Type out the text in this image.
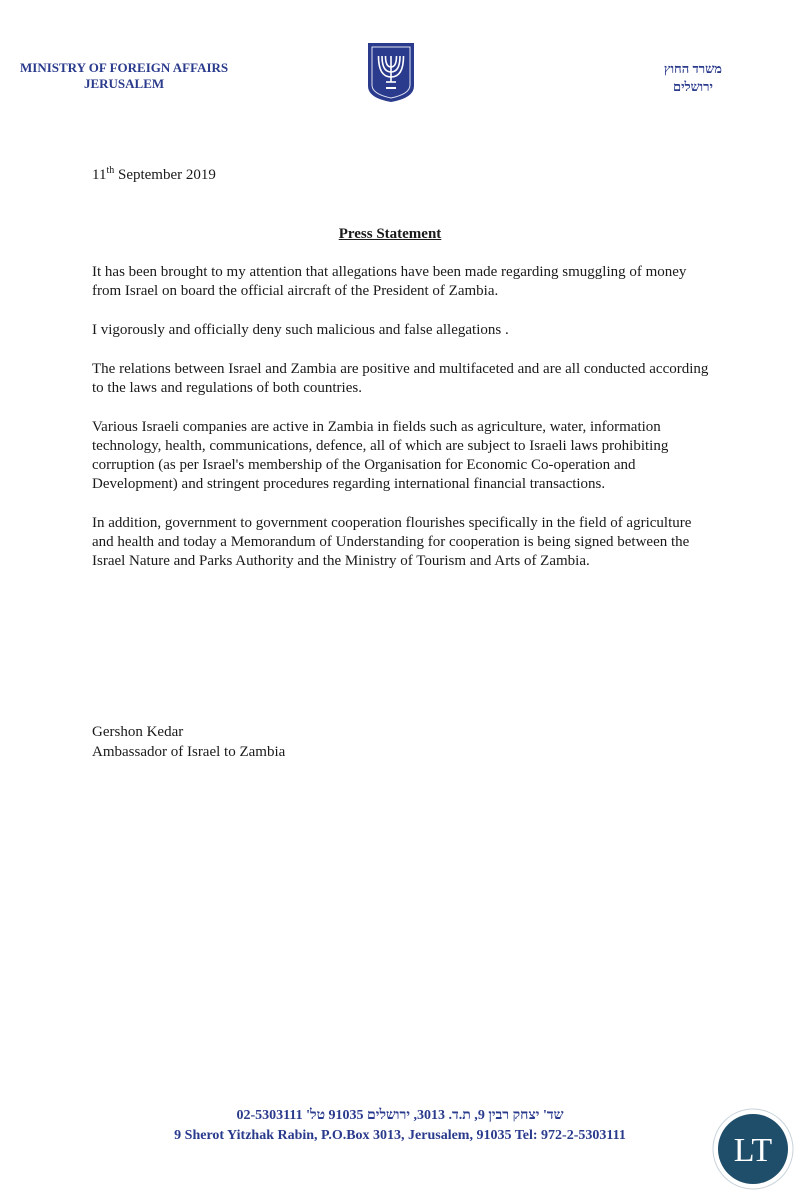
MINISTRY OF FOREIGN AFFAIRS
JERUSALEM
משרד החוץ
ירושלים
11th September 2019
Press Statement

It has been brought to my attention that allegations have been made regarding smuggling of money from Israel on board the official aircraft of the President of Zambia.

I vigorously and officially deny such malicious and false allegations .

The relations between Israel and Zambia are positive and multifaceted and are all conducted according to the laws and regulations of both countries.

Various Israeli companies are active in Zambia in fields such as agriculture, water, information technology, health, communications, defence, all of which are subject to Israeli laws prohibiting corruption (as per Israel's membership of the Organisation for Economic Co-operation and Development) and stringent procedures regarding international financial transactions.

In addition, government to government cooperation flourishes specifically in the field of agriculture and health and today a Memorandum of Understanding for cooperation is being signed between the Israel Nature and Parks Authority and the Ministry of Tourism and Arts of Zambia.

Gershon Kedar
Ambassador of Israel to Zambia
שד' יצחק רבין 9, ת.ד. 3013, ירושלים 91035 טל' 02-5303111
9 Sherot Yitzhak Rabin, P.O.Box 3013, Jerusalem, 91035 Tel: 972-2-5303111	LT
